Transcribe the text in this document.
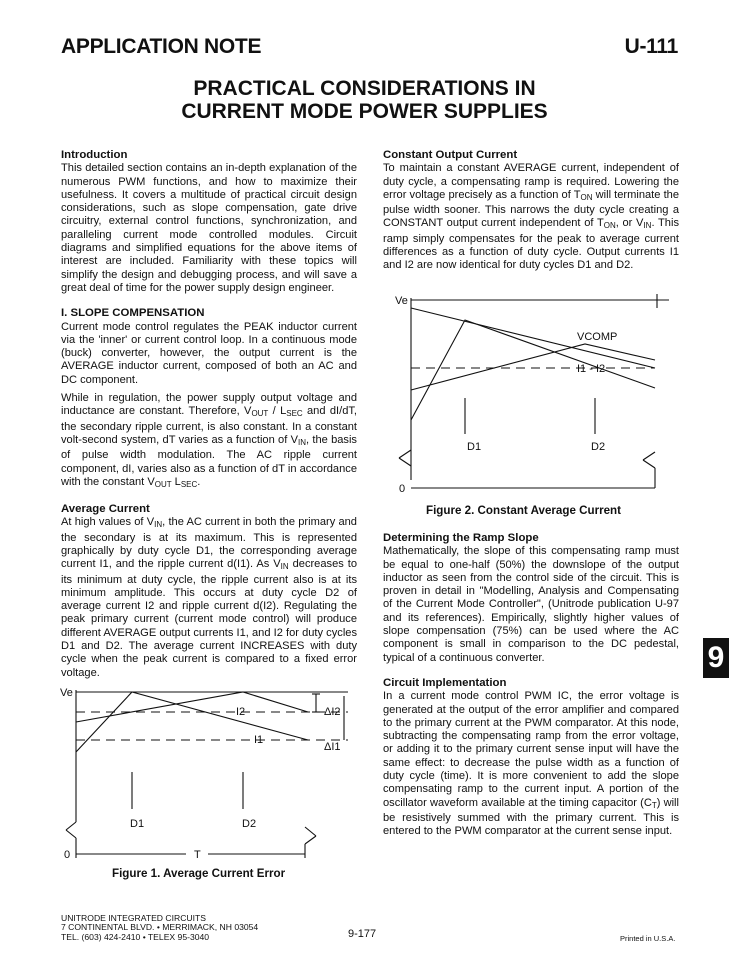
APPLICATION NOTE	U-111
PRACTICAL CONSIDERATIONS IN
CURRENT MODE POWER SUPPLIES
Introduction

This detailed section contains an in-depth explanation of the numerous PWM functions, and how to maximize their usefulness. It covers a multitude of practical circuit design considerations, such as slope compensation, gate drive circuitry, external control functions, synchronization, and paralleling current mode controlled modules. Circuit diagrams and simplified equations for the above items of interest are included. Familiarity with these topics will simplify the design and debugging process, and will save a great deal of time for the power supply design engineer.

I. SLOPE COMPENSATION

Current mode control regulates the PEAK inductor current via the 'inner' or current control loop. In a continuous mode (buck) converter, however, the output current is the AVERAGE inductor current, composed of both an AC and DC component.

While in regulation, the power supply output voltage and inductance are constant. Therefore, $V_{OUT} / L_{SEC}$ and dI/dT, the secondary ripple current, is also constant. In a constant volt-second system, dT varies as a function of $V_{IN}$, the basis of pulse width modulation. The AC ripple current component, dI, varies also as a function of dT in accordance with the constant $V_{OUT}$ $L_{SEC}$.

Average Current

At high values of $V_{IN}$, the AC current in both the primary and the secondary is at its maximum. This is represented graphically by duty cycle D1, the corresponding average current I1, and the ripple current d(I1). As $V_{IN}$ decreases to its minimum at duty cycle, the ripple current also is at its minimum amplitude. This occurs at duty cycle D2 of average current I2 and ripple current d(I2). Regulating the peak primary current (current mode control) will produce different AVERAGE output currents I1, and I2 for duty cycles D1 and D2. The average current INCREASES with duty cycle when the peak current is compared to a fixed error voltage.

Ve
I2
I1
ΔI2
ΔI1
D1	D2
0	T
Figure 1. Average Current Error
Constant Output Current

To maintain a constant AVERAGE current, independent of duty cycle, a compensating ramp is required. Lowering the error voltage precisely as a function of $T_{ON}$ will terminate the pulse width sooner. This narrows the duty cycle creating a CONSTANT output current independent of $T_{ON}$, or $V_{IN}$. This ramp simply compensates for the peak to average current differences as a function of duty cycle. Output currents I1 and I2 are now identical for duty cycles D1 and D2.

Ve
VCOMP
I1 - I2
D1	D2
0
Figure 2. Constant Average Current
Determining the Ramp Slope

Mathematically, the slope of this compensating ramp must be equal to one-half (50%) the downslope of the output inductor as seen from the control side of the circuit. This is proven in detail in "Modelling, Analysis and Compensating of the Current Mode Controller", (Unitrode publication U-97 and its references). Empirically, slightly higher values of slope compensation (75%) can be used where the AC component is small in comparison to the DC pedestal, typical of a continuous converter.

Circuit Implementation

In a current mode control PWM IC, the error voltage is generated at the output of the error amplifier and compared to the primary current at the PWM comparator. At this node, subtracting the compensating ramp from the error voltage, or adding it to the primary current sense input will have the same effect: to decrease the pulse width as a function of duty cycle (time). It is more convenient to add the slope compensating ramp to the current input. A portion of the oscillator waveform available at the timing capacitor $(C_T)$ will be resistively summed with the primary current. This is entered to the PWM comparator at the current sense input.

9
UNITRODE INTEGRATED CIRCUITS
7 CONTINENTAL BLVD. • MERRIMACK, NH 03054
TEL. (603) 424-2410 • TELEX 95-3040	9-177	Printed in U.S.A.
